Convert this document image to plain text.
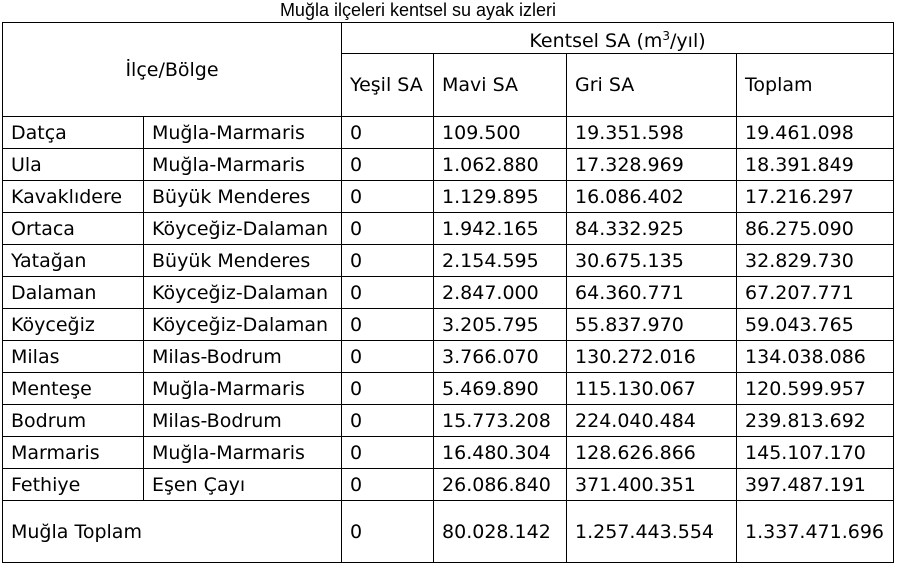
Muğla ilçeleri kentsel su ayak izleri
İlçe/Bölge		Kentsel SA $(m^3/yıl)$			
		Yeşil SA	Mavi SA	Gri SA	Toplam
Datça	Muğla-Marmaris	0	109.500	19.351.598	19.461.098
Ula	Muğla-Marmaris	0	1.062.880	17.328.969	18.391.849
Kavaklıdere	Büyük Menderes	0	1.129.895	16.086.402	17.216.297
Ortaca	Köyceğiz-Dalaman	0	1.942.165	84.332.925	86.275.090
Yatağan	Büyük Menderes	0	2.154.595	30.675.135	32.829.730
Dalaman	Köyceğiz-Dalaman	0	2.847.000	64.360.771	67.207.771
Köyceğiz	Köyceğiz-Dalaman	0	3.205.795	55.837.970	59.043.765
Milas	Milas-Bodrum	0	3.766.070	130.272.016	134.038.086
Menteşe	Muğla-Marmaris	0	5.469.890	115.130.067	120.599.957
Bodrum	Milas-Bodrum	0	15.773.208	224.040.484	239.813.692
Marmaris	Muğla-Marmaris	0	16.480.304	128.626.866	145.107.170
Fethiye	Eşen Çayı	0	26.086.840	371.400.351	397.487.191
Muğla Toplam		0	80.028.142	1.257.443.554	1.337.471.696
